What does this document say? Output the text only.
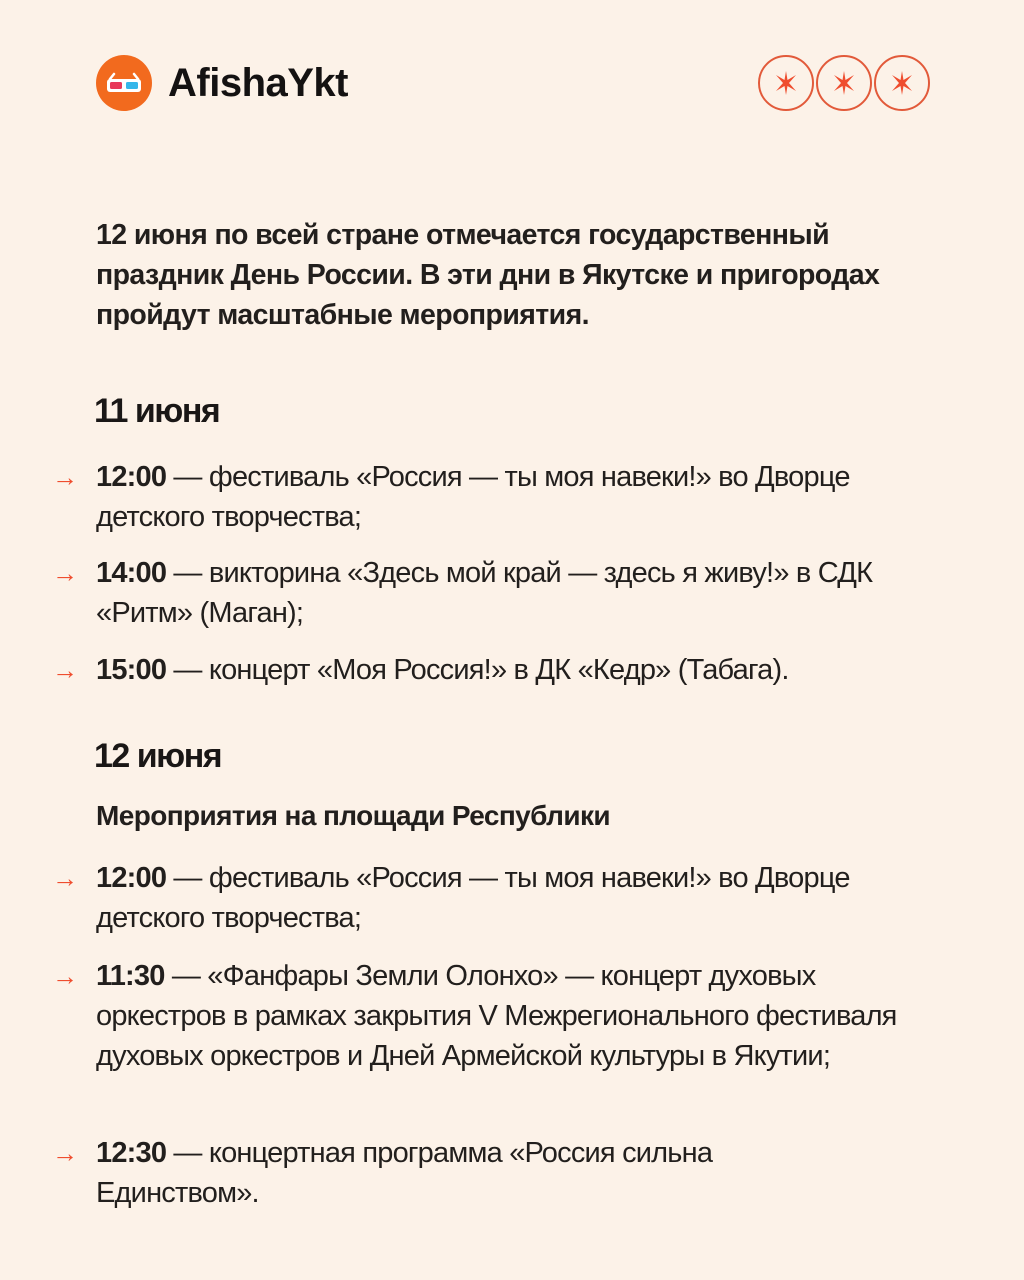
AfishaYkt
12 июня по всей стране отмечается государственный праздник День России. В эти дни в Якутске и пригородах пройдут масштабные мероприятия.
11 июня
→ 12:00 — фестиваль «Россия — ты моя навеки!» во Дворце детского творчества;
→ 14:00 — викторина «Здесь мой край — здесь я живу!» в СДК «Ритм» (Маган);
→ 15:00 — концерт «Моя Россия!» в ДК «Кедр» (Табага).
12 июня
Мероприятия на площади Республики
→ 12:00 — фестиваль «Россия — ты моя навеки!» во Дворце детского творчества;
→ 11:30 — «Фанфары Земли Олонхо» — концерт духовых оркестров в рамках закрытия V Межрегионального фестиваля духовых оркестров и Дней Армейской культуры в Якутии;
→ 12:30 — концертная программа «Россия сильна Единством».
